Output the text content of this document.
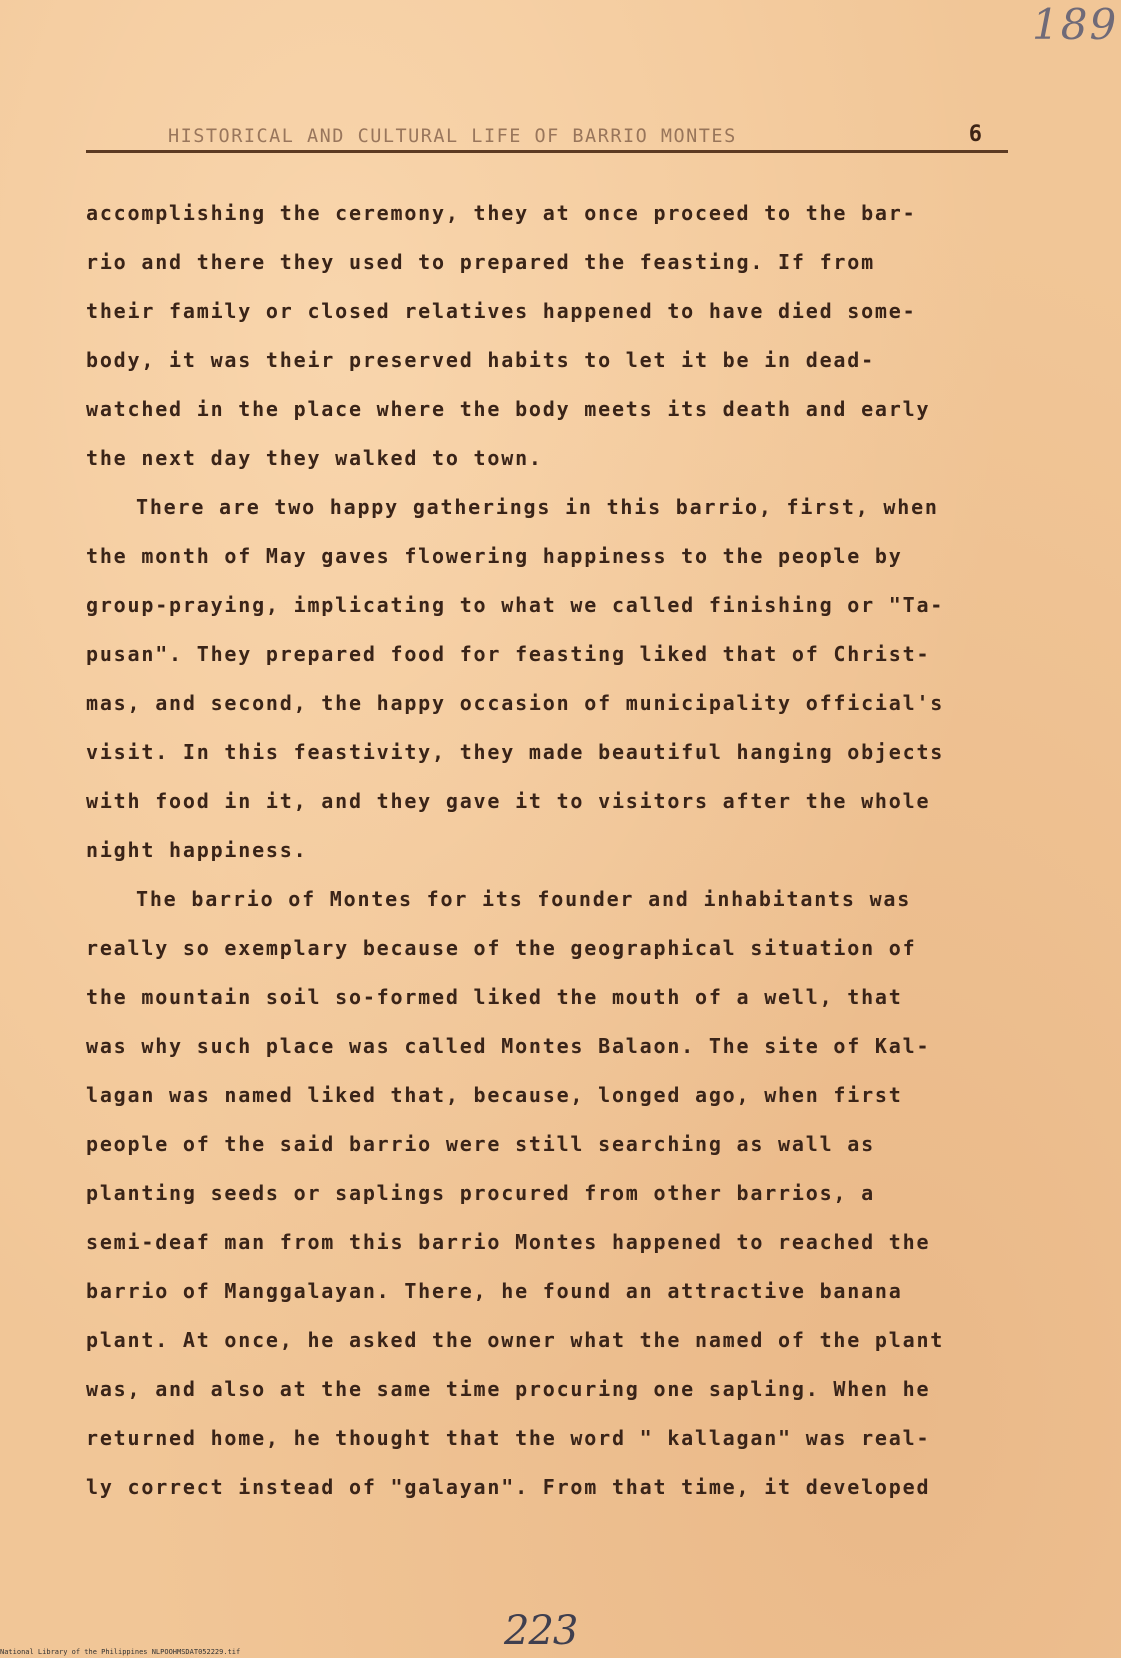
189
HISTORICAL AND CULTURAL LIFE OF BARRIO MONTES	6
accomplishing the ceremony, they at once proceed to the bar-
rio and there they used to prepared the feasting. If from
their family or closed relatives happened to have died some-
body, it was their preserved habits to let it be in dead-
watched in the place where the body meets its death and early
the next day they walked to town.
There are two happy gatherings in this barrio, first, when
the month of May gaves flowering happiness to the people by
group-praying, implicating to what we called finishing or "Ta-
pusan". They prepared food for feasting liked that of Christ-
mas, and second, the happy occasion of municipality official's
visit. In this feastivity, they made beautiful hanging objects
with food in it, and they gave it to visitors after the whole
night happiness.
The barrio of Montes for its founder and inhabitants was
really so exemplary because of the geographical situation of
the mountain soil so-formed liked the mouth of a well, that
was why such place was called Montes Balaon. The site of Kal-
lagan was named liked that, because, longed ago, when first
people of the said barrio were still searching as wall as
planting seeds or saplings procured from other barrios, a
semi-deaf man from this barrio Montes happened to reached the
barrio of Manggalayan. There, he found an attractive banana
plant. At once, he asked the owner what the named of the plant
was, and also at the same time procuring one sapling. When he
returned home, he thought that the word " kallagan" was real-
ly correct instead of "galayan". From that time, it developed
223
National Library of the Philippines NLPOOHMSDAT052229.tif
